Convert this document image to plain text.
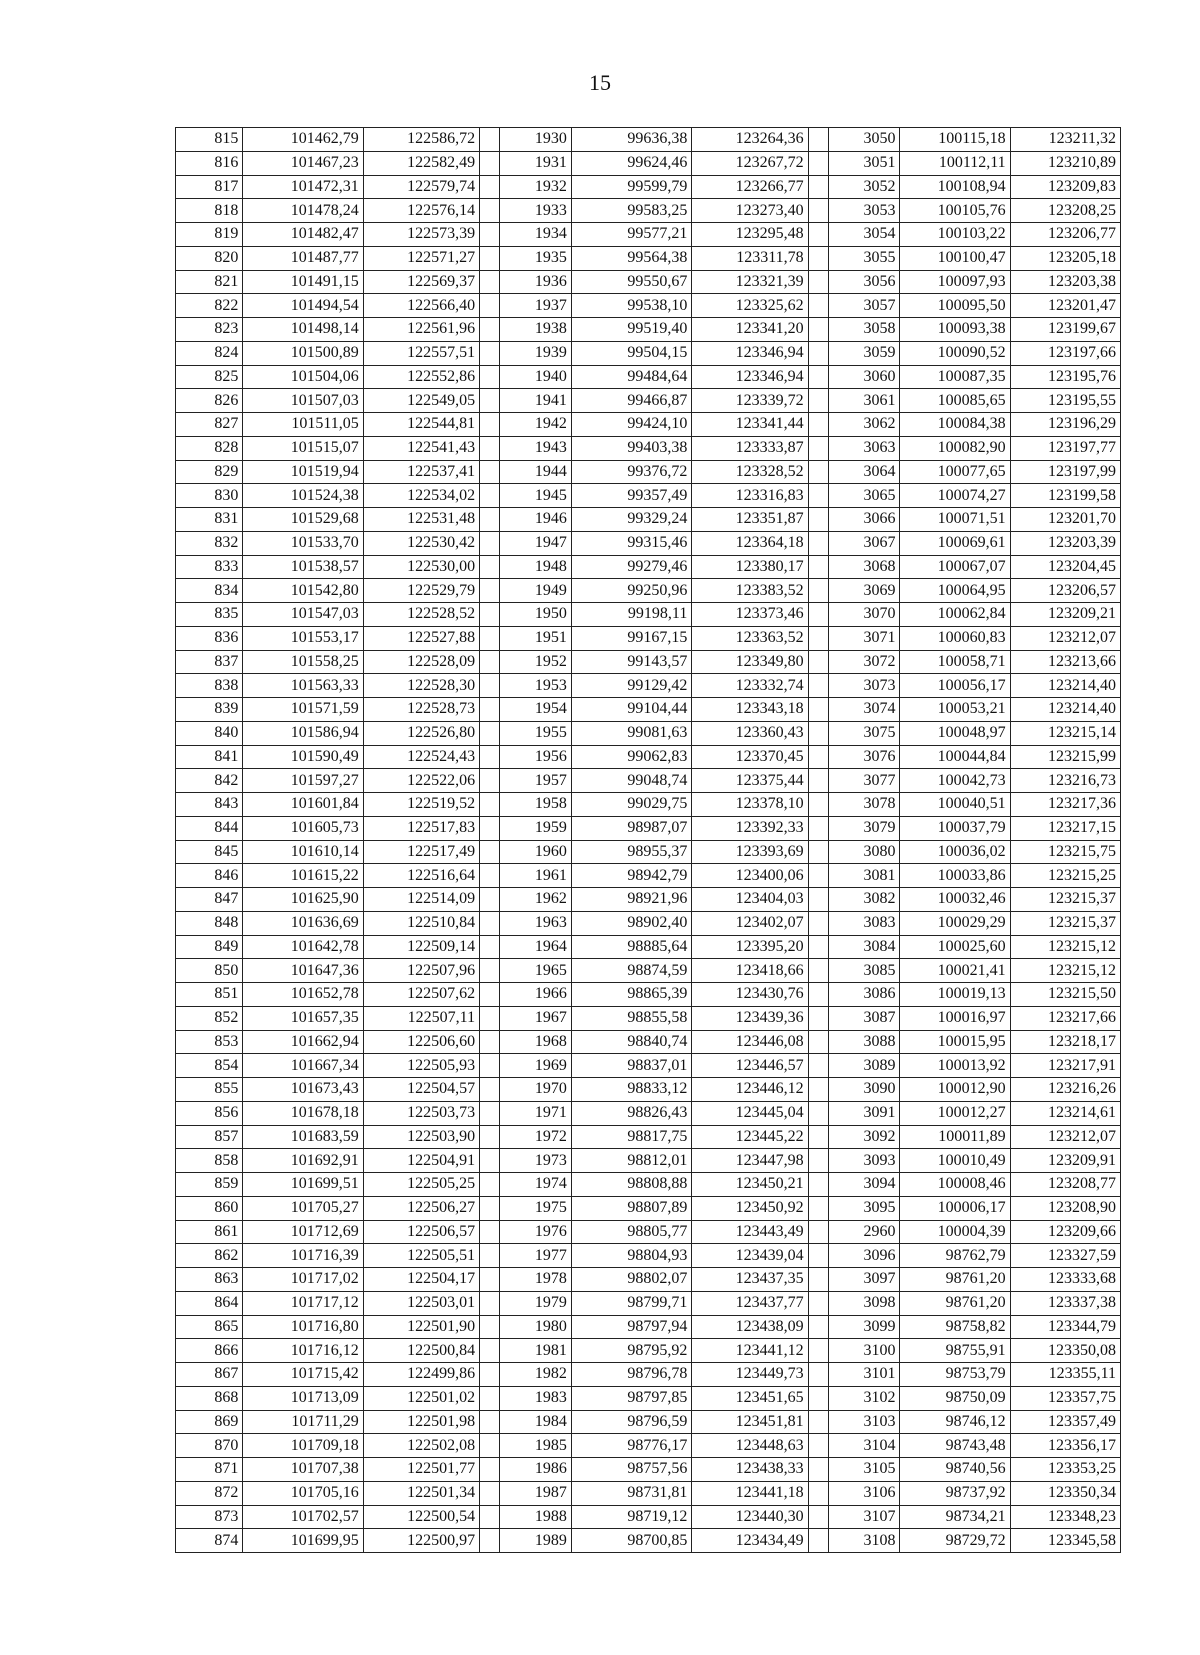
15
815	101462,79	122586,72		1930	99636,38	123264,36		3050	100115,18	123211,32
816	101467,23	122582,49		1931	99624,46	123267,72		3051	100112,11	123210,89
817	101472,31	122579,74		1932	99599,79	123266,77		3052	100108,94	123209,83
818	101478,24	122576,14		1933	99583,25	123273,40		3053	100105,76	123208,25
819	101482,47	122573,39		1934	99577,21	123295,48		3054	100103,22	123206,77
820	101487,77	122571,27		1935	99564,38	123311,78		3055	100100,47	123205,18
821	101491,15	122569,37		1936	99550,67	123321,39		3056	100097,93	123203,38
822	101494,54	122566,40		1937	99538,10	123325,62		3057	100095,50	123201,47
823	101498,14	122561,96		1938	99519,40	123341,20		3058	100093,38	123199,67
824	101500,89	122557,51		1939	99504,15	123346,94		3059	100090,52	123197,66
825	101504,06	122552,86		1940	99484,64	123346,94		3060	100087,35	123195,76
826	101507,03	122549,05		1941	99466,87	123339,72		3061	100085,65	123195,55
827	101511,05	122544,81		1942	99424,10	123341,44		3062	100084,38	123196,29
828	101515,07	122541,43		1943	99403,38	123333,87		3063	100082,90	123197,77
829	101519,94	122537,41		1944	99376,72	123328,52		3064	100077,65	123197,99
830	101524,38	122534,02		1945	99357,49	123316,83		3065	100074,27	123199,58
831	101529,68	122531,48		1946	99329,24	123351,87		3066	100071,51	123201,70
832	101533,70	122530,42		1947	99315,46	123364,18		3067	100069,61	123203,39
833	101538,57	122530,00		1948	99279,46	123380,17		3068	100067,07	123204,45
834	101542,80	122529,79		1949	99250,96	123383,52		3069	100064,95	123206,57
835	101547,03	122528,52		1950	99198,11	123373,46		3070	100062,84	123209,21
836	101553,17	122527,88		1951	99167,15	123363,52		3071	100060,83	123212,07
837	101558,25	122528,09		1952	99143,57	123349,80		3072	100058,71	123213,66
838	101563,33	122528,30		1953	99129,42	123332,74		3073	100056,17	123214,40
839	101571,59	122528,73		1954	99104,44	123343,18		3074	100053,21	123214,40
840	101586,94	122526,80		1955	99081,63	123360,43		3075	100048,97	123215,14
841	101590,49	122524,43		1956	99062,83	123370,45		3076	100044,84	123215,99
842	101597,27	122522,06		1957	99048,74	123375,44		3077	100042,73	123216,73
843	101601,84	122519,52		1958	99029,75	123378,10		3078	100040,51	123217,36
844	101605,73	122517,83		1959	98987,07	123392,33		3079	100037,79	123217,15
845	101610,14	122517,49		1960	98955,37	123393,69		3080	100036,02	123215,75
846	101615,22	122516,64		1961	98942,79	123400,06		3081	100033,86	123215,25
847	101625,90	122514,09		1962	98921,96	123404,03		3082	100032,46	123215,37
848	101636,69	122510,84		1963	98902,40	123402,07		3083	100029,29	123215,37
849	101642,78	122509,14		1964	98885,64	123395,20		3084	100025,60	123215,12
850	101647,36	122507,96		1965	98874,59	123418,66		3085	100021,41	123215,12
851	101652,78	122507,62		1966	98865,39	123430,76		3086	100019,13	123215,50
852	101657,35	122507,11		1967	98855,58	123439,36		3087	100016,97	123217,66
853	101662,94	122506,60		1968	98840,74	123446,08		3088	100015,95	123218,17
854	101667,34	122505,93		1969	98837,01	123446,57		3089	100013,92	123217,91
855	101673,43	122504,57		1970	98833,12	123446,12		3090	100012,90	123216,26
856	101678,18	122503,73		1971	98826,43	123445,04		3091	100012,27	123214,61
857	101683,59	122503,90		1972	98817,75	123445,22		3092	100011,89	123212,07
858	101692,91	122504,91		1973	98812,01	123447,98		3093	100010,49	123209,91
859	101699,51	122505,25		1974	98808,88	123450,21		3094	100008,46	123208,77
860	101705,27	122506,27		1975	98807,89	123450,92		3095	100006,17	123208,90
861	101712,69	122506,57		1976	98805,77	123443,49		2960	100004,39	123209,66
862	101716,39	122505,51		1977	98804,93	123439,04		3096	98762,79	123327,59
863	101717,02	122504,17		1978	98802,07	123437,35		3097	98761,20	123333,68
864	101717,12	122503,01		1979	98799,71	123437,77		3098	98761,20	123337,38
865	101716,80	122501,90		1980	98797,94	123438,09		3099	98758,82	123344,79
866	101716,12	122500,84		1981	98795,92	123441,12		3100	98755,91	123350,08
867	101715,42	122499,86		1982	98796,78	123449,73		3101	98753,79	123355,11
868	101713,09	122501,02		1983	98797,85	123451,65		3102	98750,09	123357,75
869	101711,29	122501,98		1984	98796,59	123451,81		3103	98746,12	123357,49
870	101709,18	122502,08		1985	98776,17	123448,63		3104	98743,48	123356,17
871	101707,38	122501,77		1986	98757,56	123438,33		3105	98740,56	123353,25
872	101705,16	122501,34		1987	98731,81	123441,18		3106	98737,92	123350,34
873	101702,57	122500,54		1988	98719,12	123440,30		3107	98734,21	123348,23
874	101699,95	122500,97		1989	98700,85	123434,49		3108	98729,72	123345,58
